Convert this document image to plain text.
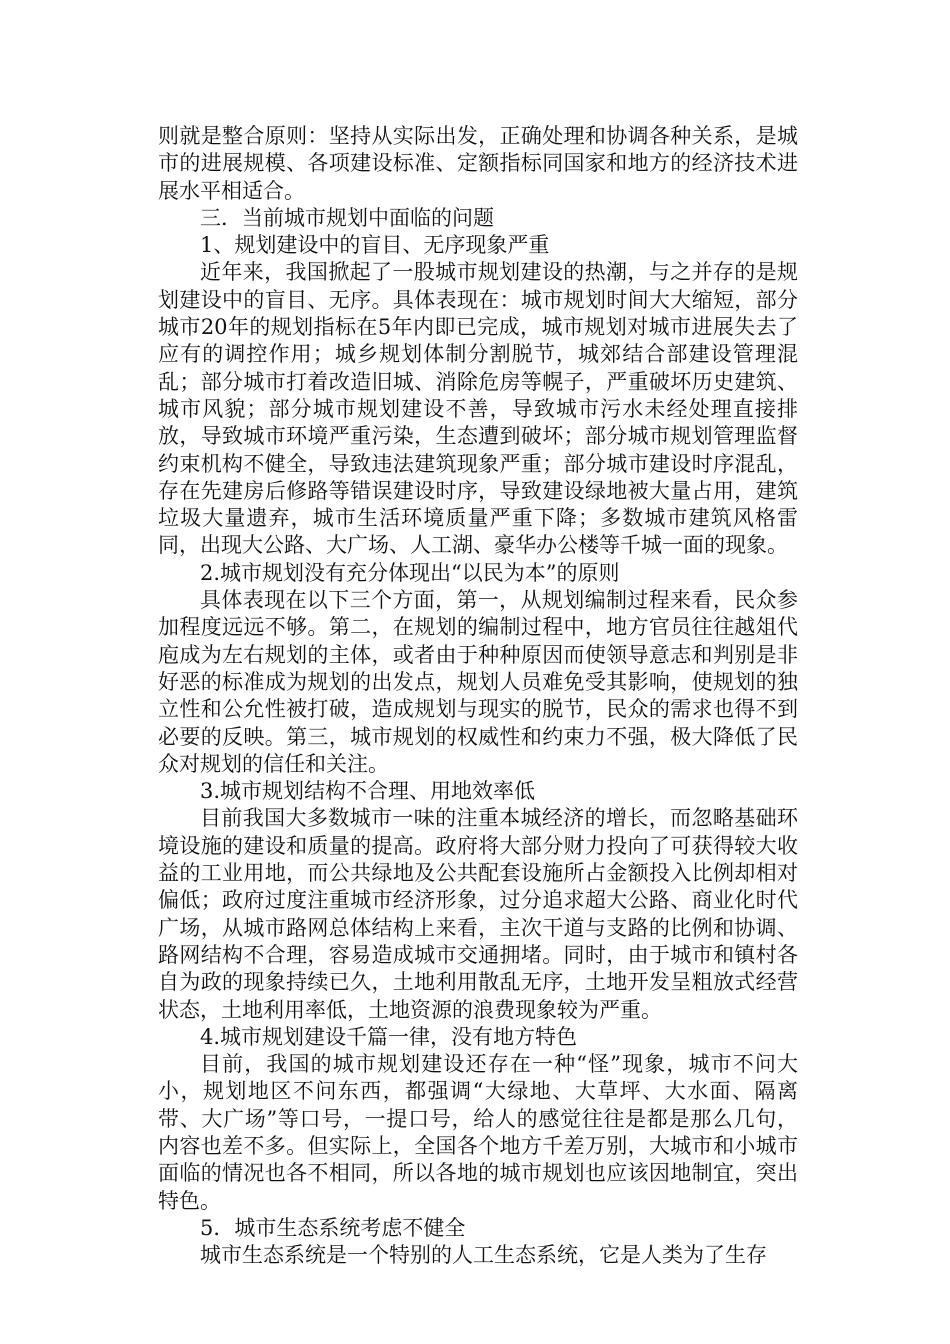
则就是整合原则：坚持从实际出发，正确处理和协调各种关系，是城市的进展规模、各项建设标准、定额指标同国家和地方的经济技术进展水平相适合。

三．当前城市规划中面临的问题

1、规划建设中的盲目、无序现象严重

近年来，我国掀起了一股城市规划建设的热潮，与之并存的是规划建设中的盲目、无序。具体表现在：城市规划时间大大缩短，部分城市20年的规划指标在5年内即已完成，城市规划对城市进展失去了应有的调控作用；城乡规划体制分割脱节，城郊结合部建设管理混乱；部分城市打着改造旧城、消除危房等幌子，严重破坏历史建筑、城市风貌；部分城市规划建设不善，导致城市污水未经处理直接排放，导致城市环境严重污染，生态遭到破坏；部分城市规划管理监督约束机构不健全，导致违法建筑现象严重；部分城市建设时序混乱，存在先建房后修路等错误建设时序，导致建设绿地被大量占用，建筑垃圾大量遗弃，城市生活环境质量严重下降；多数城市建筑风格雷同，出现大公路、大广场、人工湖、豪华办公楼等千城一面的现象。

2.城市规划没有充分体现出“以民为本”的原则

具体表现在以下三个方面，第一，从规划编制过程来看，民众参加程度远远不够。第二，在规划的编制过程中，地方官员往往越俎代庖成为左右规划的主体，或者由于种种原因而使领导意志和判别是非好恶的标准成为规划的出发点，规划人员难免受其影响，使规划的独立性和公允性被打破，造成规划与现实的脱节，民众的需求也得不到必要的反映。第三，城市规划的权威性和约束力不强，极大降低了民众对规划的信任和关注。

3.城市规划结构不合理、用地效率低

目前我国大多数城市一味的注重本城经济的增长，而忽略基础环境设施的建设和质量的提高。政府将大部分财力投向了可获得较大收益的工业用地，而公共绿地及公共配套设施所占金额投入比例却相对偏低；政府过度注重城市经济形象，过分追求超大公路、商业化时代广场，从城市路网总体结构上来看，主次干道与支路的比例和协调、路网结构不合理，容易造成城市交通拥堵。同时，由于城市和镇村各自为政的现象持续已久，土地利用散乱无序，土地开发呈粗放式经营状态，土地利用率低，土地资源的浪费现象较为严重。

4.城市规划建设千篇一律，没有地方特色

目前，我国的城市规划建设还存在一种“怪”现象，城市不问大小，规划地区不问东西，都强调“大绿地、大草坪、大水面、隔离带、大广场”等口号，一提口号，给人的感觉往往是都是那么几句，内容也差不多。但实际上，全国各个地方千差万别，大城市和小城市面临的情况也各不相同，所以各地的城市规划也应该因地制宜，突出特色。

5．城市生态系统考虑不健全

城市生态系统是一个特别的人工生态系统，它是人类为了生存
